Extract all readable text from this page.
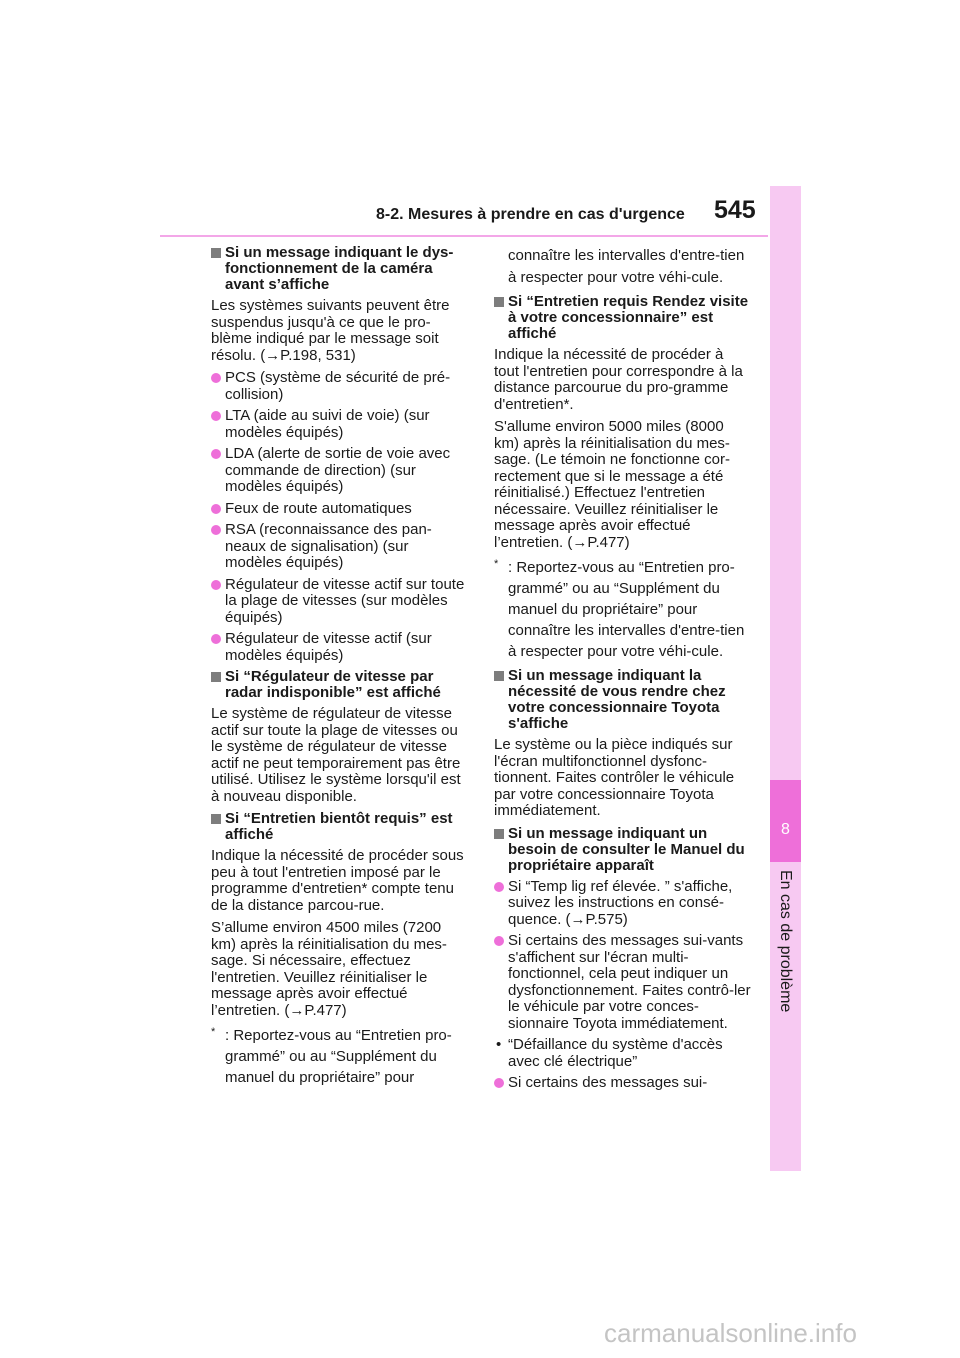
8
En cas de problème
8-2. Mesures à prendre en cas d'urgence 545
Si un message indiquant le dys-fonctionnement de la caméra avant s’affiche

Les systèmes suivants peuvent être suspendus jusqu'à ce que le pro-blème indiqué par le message soit résolu. (→P.198, 531)

PCS (système de sécurité de pré-collision)
LTA (aide au suivi de voie) (sur modèles équipés)
LDA (alerte de sortie de voie avec commande de direction) (sur modèles équipés)
Feux de route automatiques
RSA (reconnaissance des pan-neaux de signalisation) (sur modèles équipés)
Régulateur de vitesse actif sur toute la plage de vitesses (sur modèles équipés)
Régulateur de vitesse actif (sur modèles équipés)
Si “Régulateur de vitesse par radar indisponible” est affiché

Le système de régulateur de vitesse actif sur toute la plage de vitesses ou le système de régulateur de vitesse actif ne peut temporairement pas être utilisé. Utilisez le système lorsqu'il est à nouveau disponible.

Si “Entretien bientôt requis” est affiché

Indique la nécessité de procéder sous peu à tout l'entretien imposé par le programme d'entretien* compte tenu de la distance parcou-rue.

S’allume environ 4500 miles (7200 km) après la réinitialisation du mes-sage. Si nécessaire, effectuez l'entretien. Veuillez réinitialiser le message après avoir effectué l’entretien. (→P.477)

* : Reportez-vous au “Entretien pro-grammé” ou au “Supplément du manuel du propriétaire” pour
connaître les intervalles d'entre-tien à respecter pour votre véhi-cule.
Si “Entretien requis Rendez visite à votre concessionnaire” est affiché

Indique la nécessité de procéder à tout l'entretien pour correspondre à la distance parcourue du pro-gramme d'entretien*.

S'allume environ 5000 miles (8000 km) après la réinitialisation du mes-sage. (Le témoin ne fonctionne cor-rectement que si le message a été réinitialisé.) Effectuez l'entretien nécessaire. Veuillez réinitialiser le message après avoir effectué l’entretien. (→P.477)

* : Reportez-vous au “Entretien pro-grammé” ou au “Supplément du manuel du propriétaire” pour connaître les intervalles d'entre-tien à respecter pour votre véhi-cule.
Si un message indiquant la nécessité de vous rendre chez votre concessionnaire Toyota s'affiche

Le système ou la pièce indiqués sur l'écran multifonctionnel dysfonc-tionnent. Faites contrôler le véhicule par votre concessionnaire Toyota immédiatement.

Si un message indiquant un besoin de consulter le Manuel du propriétaire apparaît
Si “Temp lig ref élevée. ” s'affiche, suivez les instructions en consé-quence. (→P.575)
Si certains des messages sui-vants s'affichent sur l'écran multi-fonctionnel, cela peut indiquer un dysfonctionnement. Faites contrô-ler le véhicule par votre conces-sionnaire Toyota immédiatement.
• “Défaillance du système d'accès avec clé électrique”
Si certains des messages sui-
carmanualsonline.info
